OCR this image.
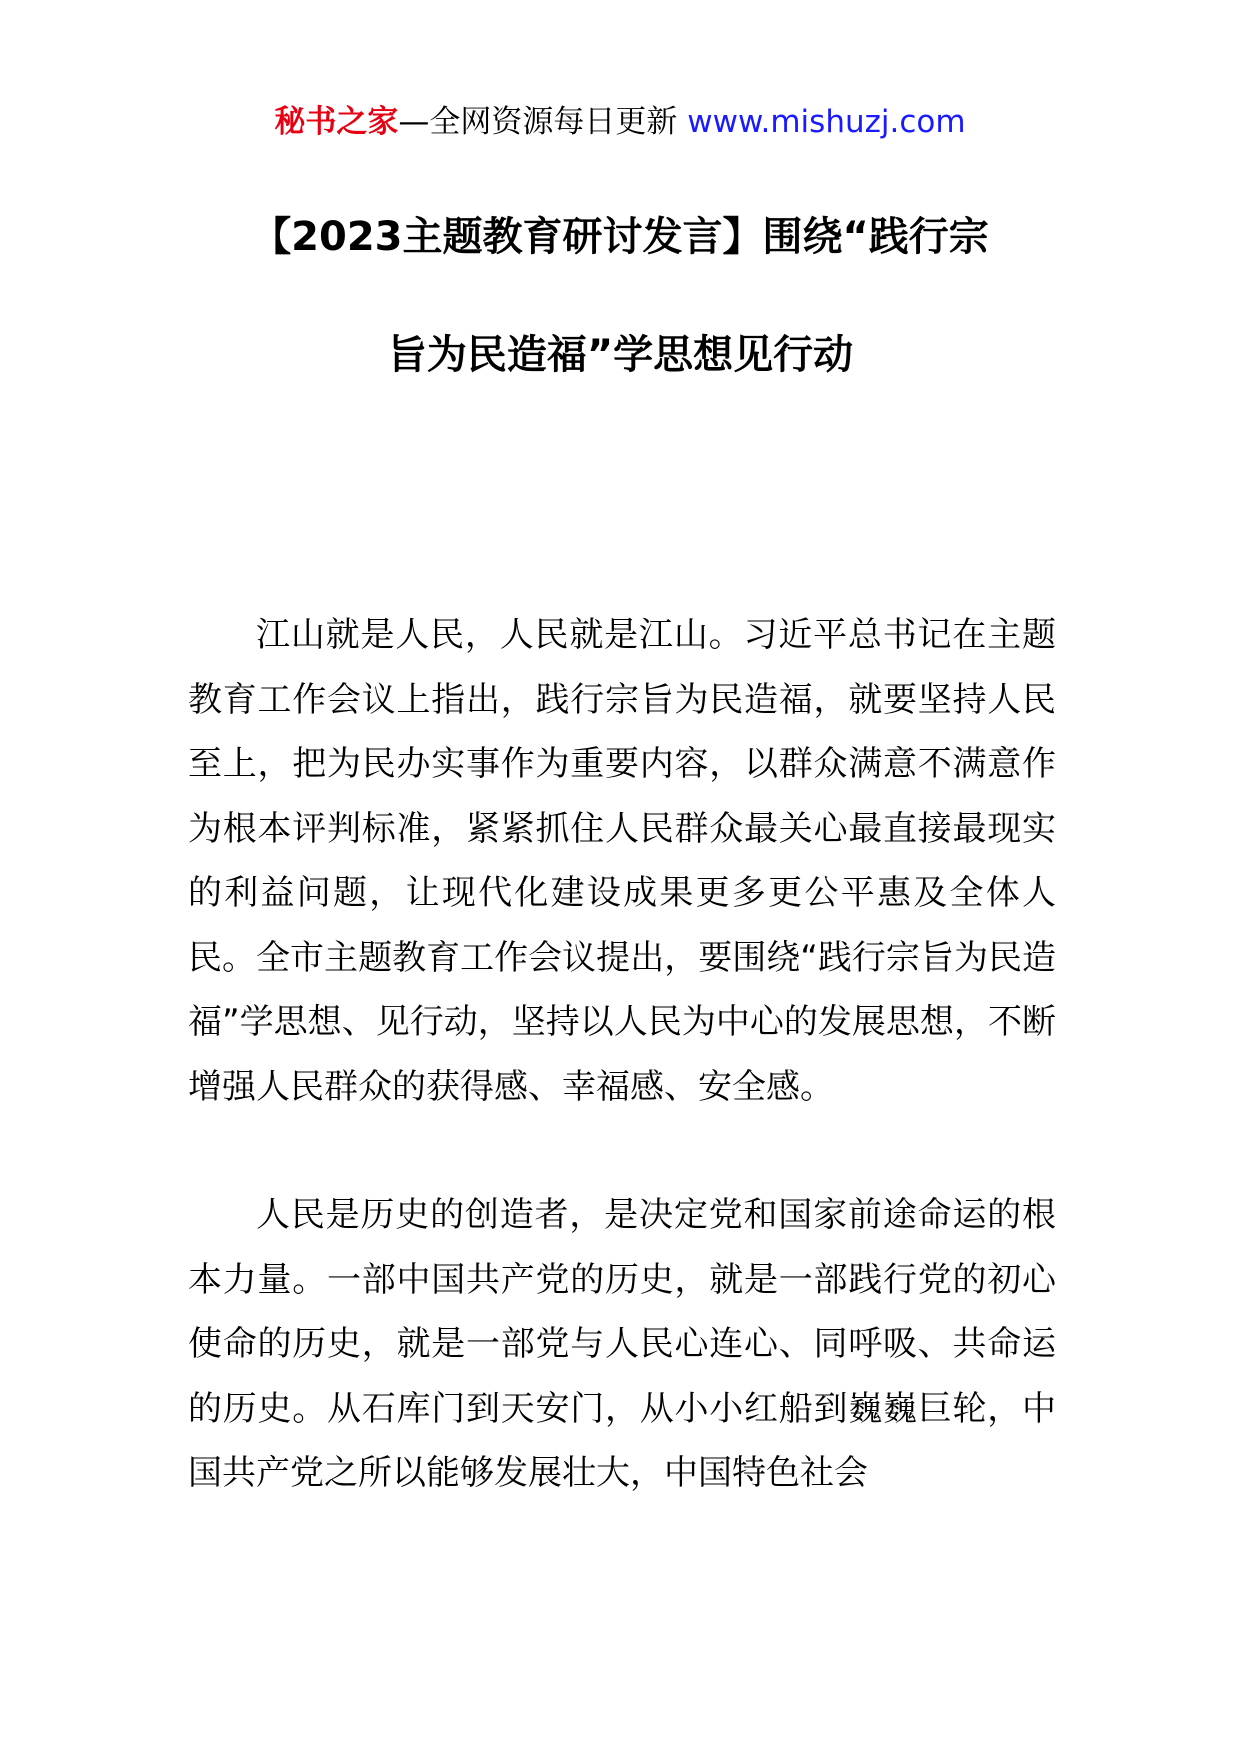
秘书之家—全网资源每日更新 www.mishuzj.com
【2023主题教育研讨发言】围绕“践行宗
旨为民造福”学思想见行动

江山就是人民，人民就是江山。习近平总书记在主题教育工作会议上指出，践行宗旨为民造福，就要坚持人民至上，把为民办实事作为重要内容，以群众满意不满意作为根本评判标准，紧紧抓住人民群众最关心最直接最现实的利益问题，让现代化建设成果更多更公平惠及全体人民。全市主题教育工作会议提出，要围绕“践行宗旨为民造福”学思想、见行动，坚持以人民为中心的发展思想，不断增强人民群众的获得感、幸福感、安全感。

人民是历史的创造者，是决定党和国家前途命运的根本力量。一部中国共产党的历史，就是一部践行党的初心使命的历史，就是一部党与人民心连心、同呼吸、共命运的历史。从石库门到天安门，从小小红船到巍巍巨轮，中国共产党之所以能够发展壮大，中国特色社会
